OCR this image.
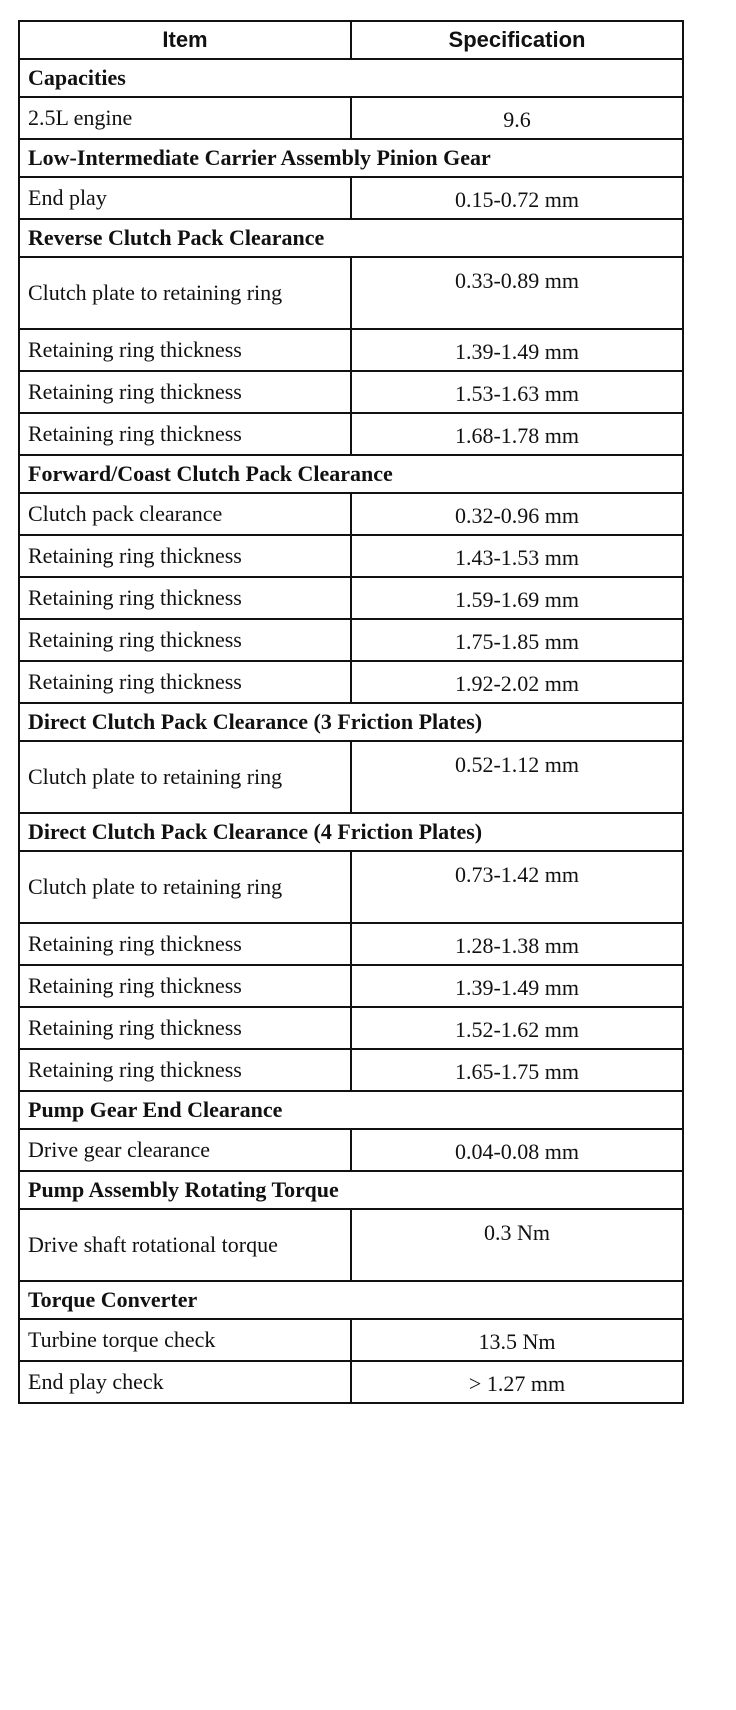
Item	Specification
Capacities	
2.5L engine	9.6
Low-Intermediate Carrier Assembly Pinion Gear	
End play	0.15-0.72 mm
Reverse Clutch Pack Clearance	
Clutch plate to retaining ring	0.33-0.89 mm
Retaining ring thickness	1.39-1.49 mm
Retaining ring thickness	1.53-1.63 mm
Retaining ring thickness	1.68-1.78 mm
Forward/Coast Clutch Pack Clearance	
Clutch pack clearance	0.32-0.96 mm
Retaining ring thickness	1.43-1.53 mm
Retaining ring thickness	1.59-1.69 mm
Retaining ring thickness	1.75-1.85 mm
Retaining ring thickness	1.92-2.02 mm
Direct Clutch Pack Clearance (3 Friction Plates)	
Clutch plate to retaining ring	0.52-1.12 mm
Direct Clutch Pack Clearance (4 Friction Plates)	
Clutch plate to retaining ring	0.73-1.42 mm
Retaining ring thickness	1.28-1.38 mm
Retaining ring thickness	1.39-1.49 mm
Retaining ring thickness	1.52-1.62 mm
Retaining ring thickness	1.65-1.75 mm
Pump Gear End Clearance	
Drive gear clearance	0.04-0.08 mm
Pump Assembly Rotating Torque	
Drive shaft rotational torque	0.3 Nm
Torque Converter	
Turbine torque check	13.5 Nm
End play check	> 1.27 mm
